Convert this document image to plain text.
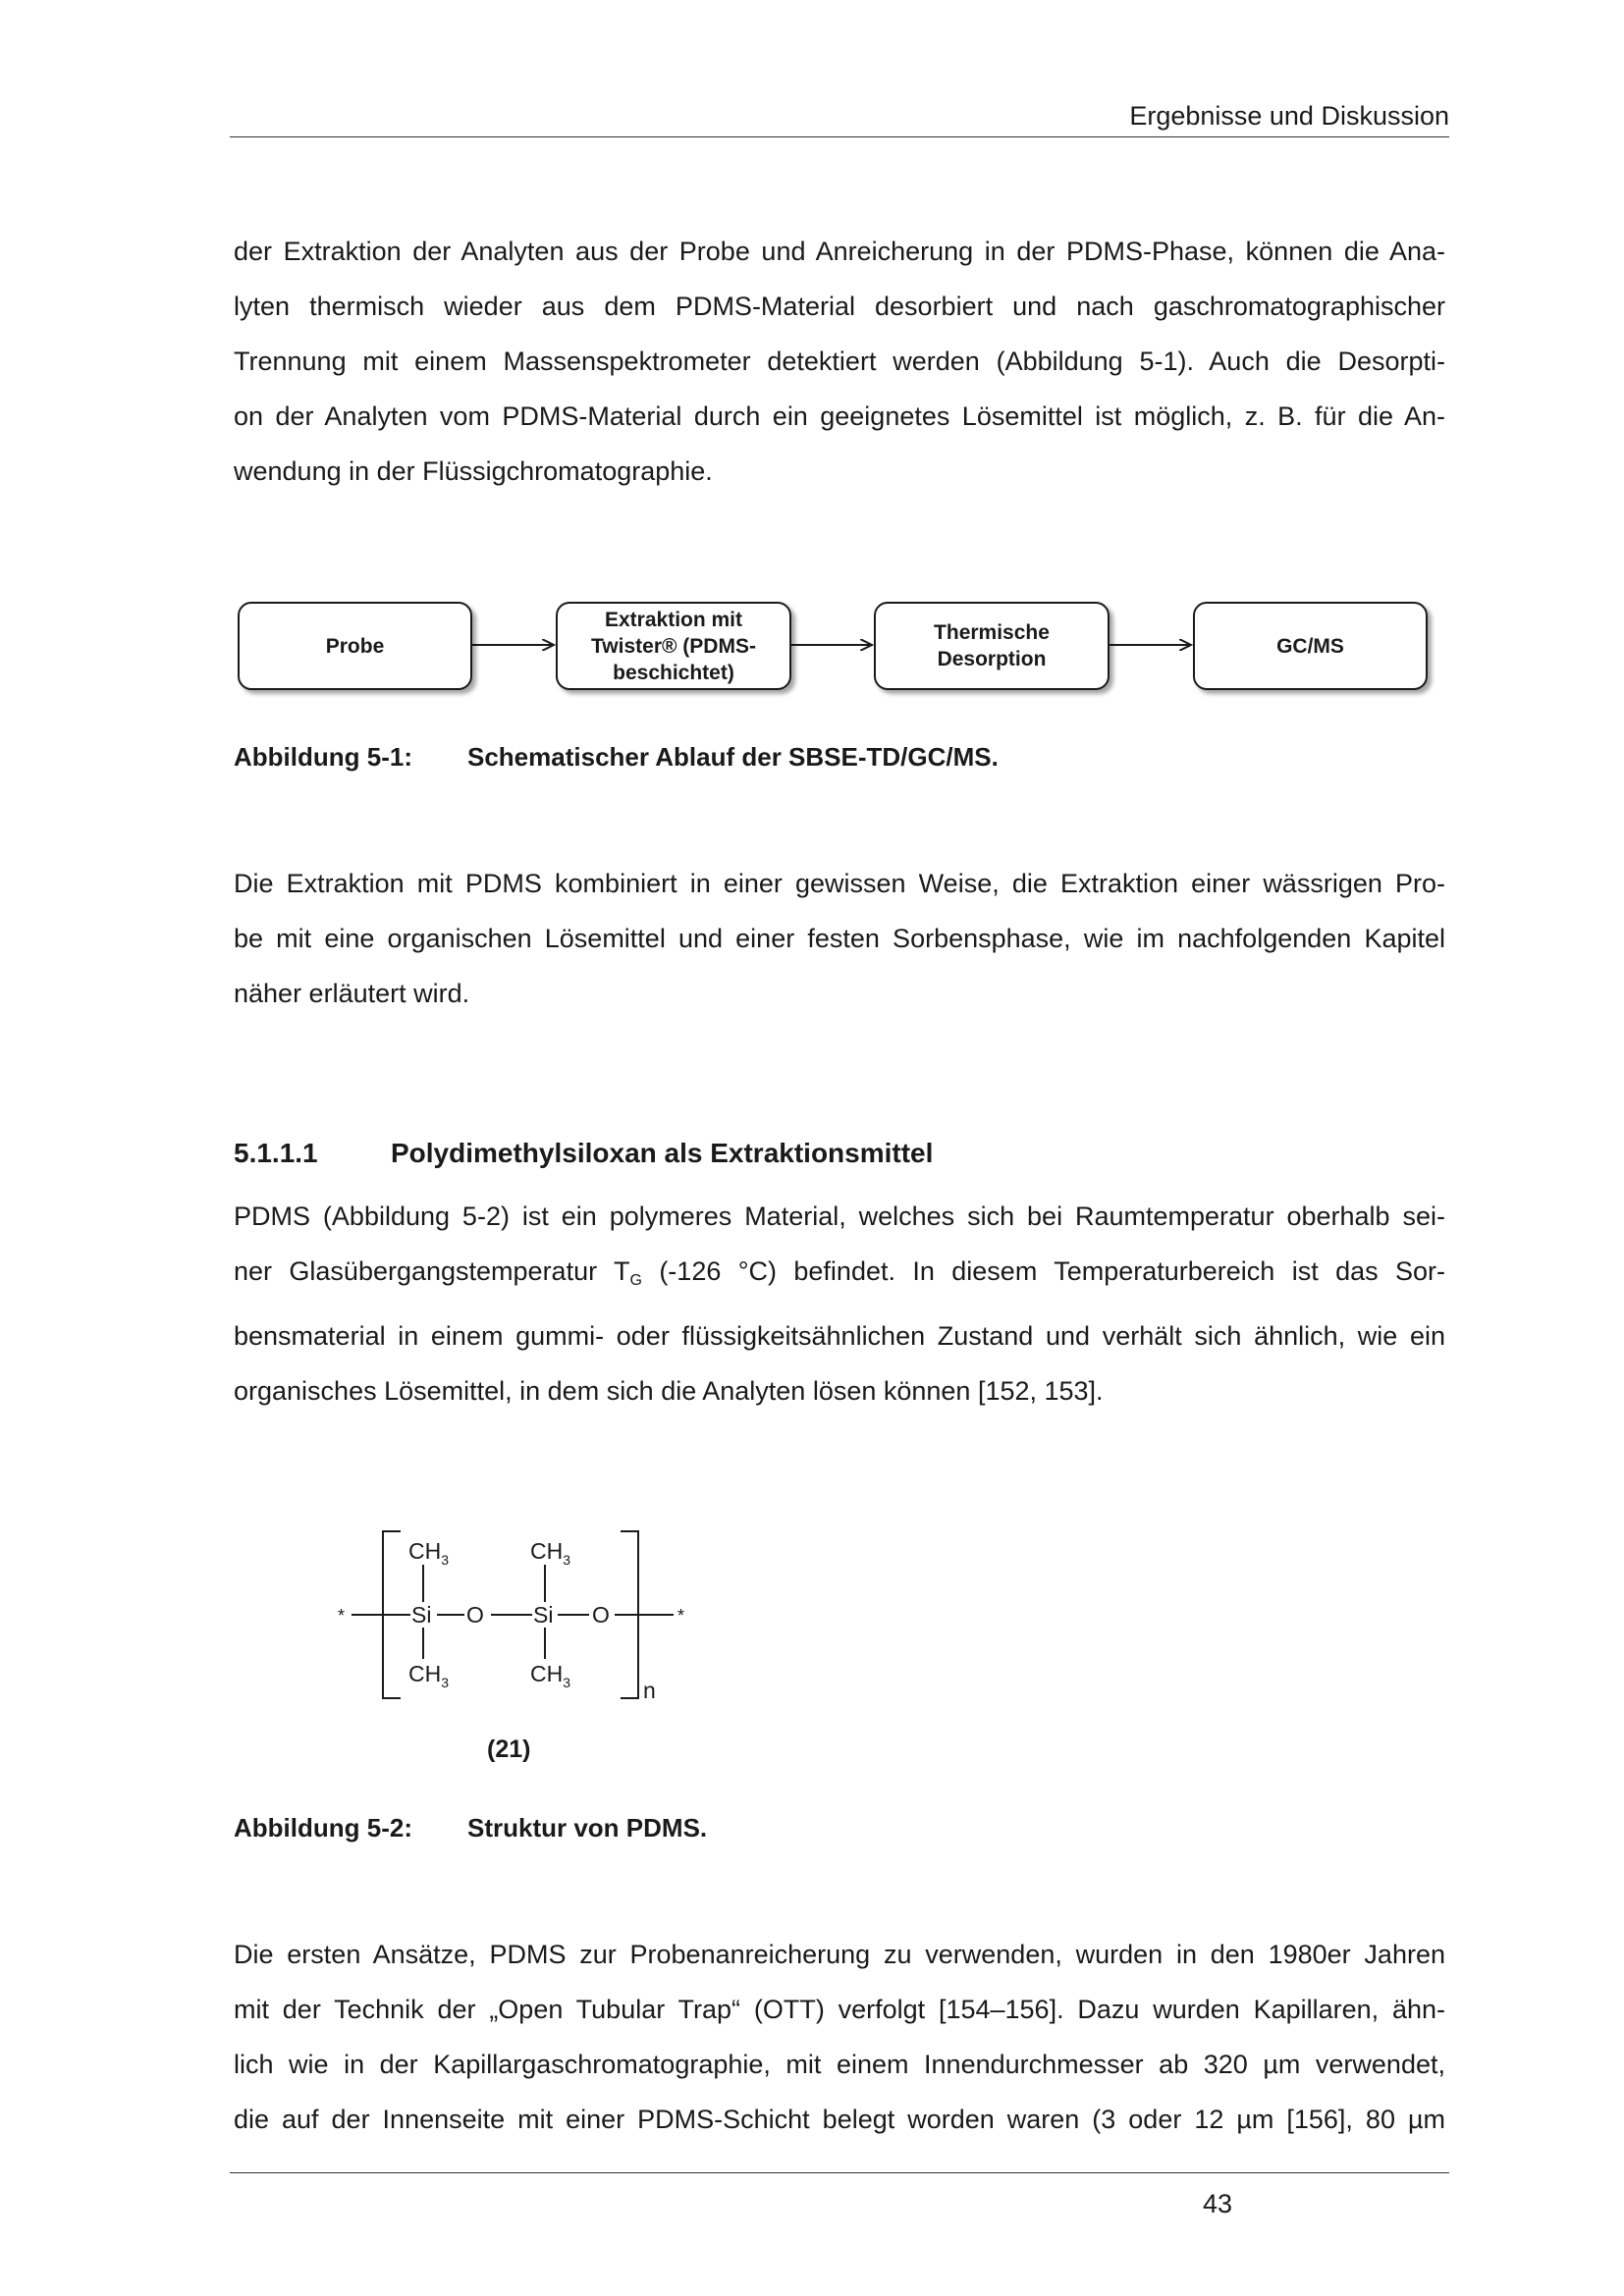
Ergebnisse und Diskussion
der Extraktion der Analyten aus der Probe und Anreicherung in der PDMS-Phase, können die Ana-
lyten thermisch wieder aus dem PDMS-Material desorbiert und nach gaschromatographischer
Trennung mit einem Massenspektrometer detektiert werden (Abbildung 5-1). Auch die Desorpti-
on der Analyten vom PDMS-Material durch ein geeignetes Lösemittel ist möglich, z. B. für die An-
wendung in der Flüssigchromatographie.
Probe
Extraktion mit
Twister® (PDMS-
beschichtet)
Thermische
Desorption
GC/MS
Abbildung 5-1: Schematischer Ablauf der SBSE-TD/GC/MS.
Die Extraktion mit PDMS kombiniert in einer gewissen Weise, die Extraktion einer wässrigen Pro-
be mit eine organischen Lösemittel und einer festen Sorbensphase, wie im nachfolgenden Kapitel
näher erläutert wird.
5.1.1.1	Polydimethylsiloxan als Extraktionsmittel
PDMS (Abbildung 5-2) ist ein polymeres Material, welches sich bei Raumtemperatur oberhalb sei-
ner Glasübergangstemperatur $T_G$ (-126 °C) befindet. In diesem Temperaturbereich ist das Sor-
bensmaterial in einem gummi- oder flüssigkeitsähnlichen Zustand und verhält sich ähnlich, wie ein
organisches Lösemittel, in dem sich die Analyten lösen können [152, 153].
*	*
Si O Si O
$CH_3$	$CH_3$
$CH_3$	$CH_3$	n
(21)
Abbildung 5-2: Struktur von PDMS.
Die ersten Ansätze, PDMS zur Probenanreicherung zu verwenden, wurden in den 1980er Jahren
mit der Technik der „Open Tubular Trap“ (OTT) verfolgt [154–156]. Dazu wurden Kapillaren, ähn-
lich wie in der Kapillargaschromatographie, mit einem Innendurchmesser ab 320 µm verwendet,
die auf der Innenseite mit einer PDMS-Schicht belegt worden waren (3 oder 12 µm [156], 80 µm
43
